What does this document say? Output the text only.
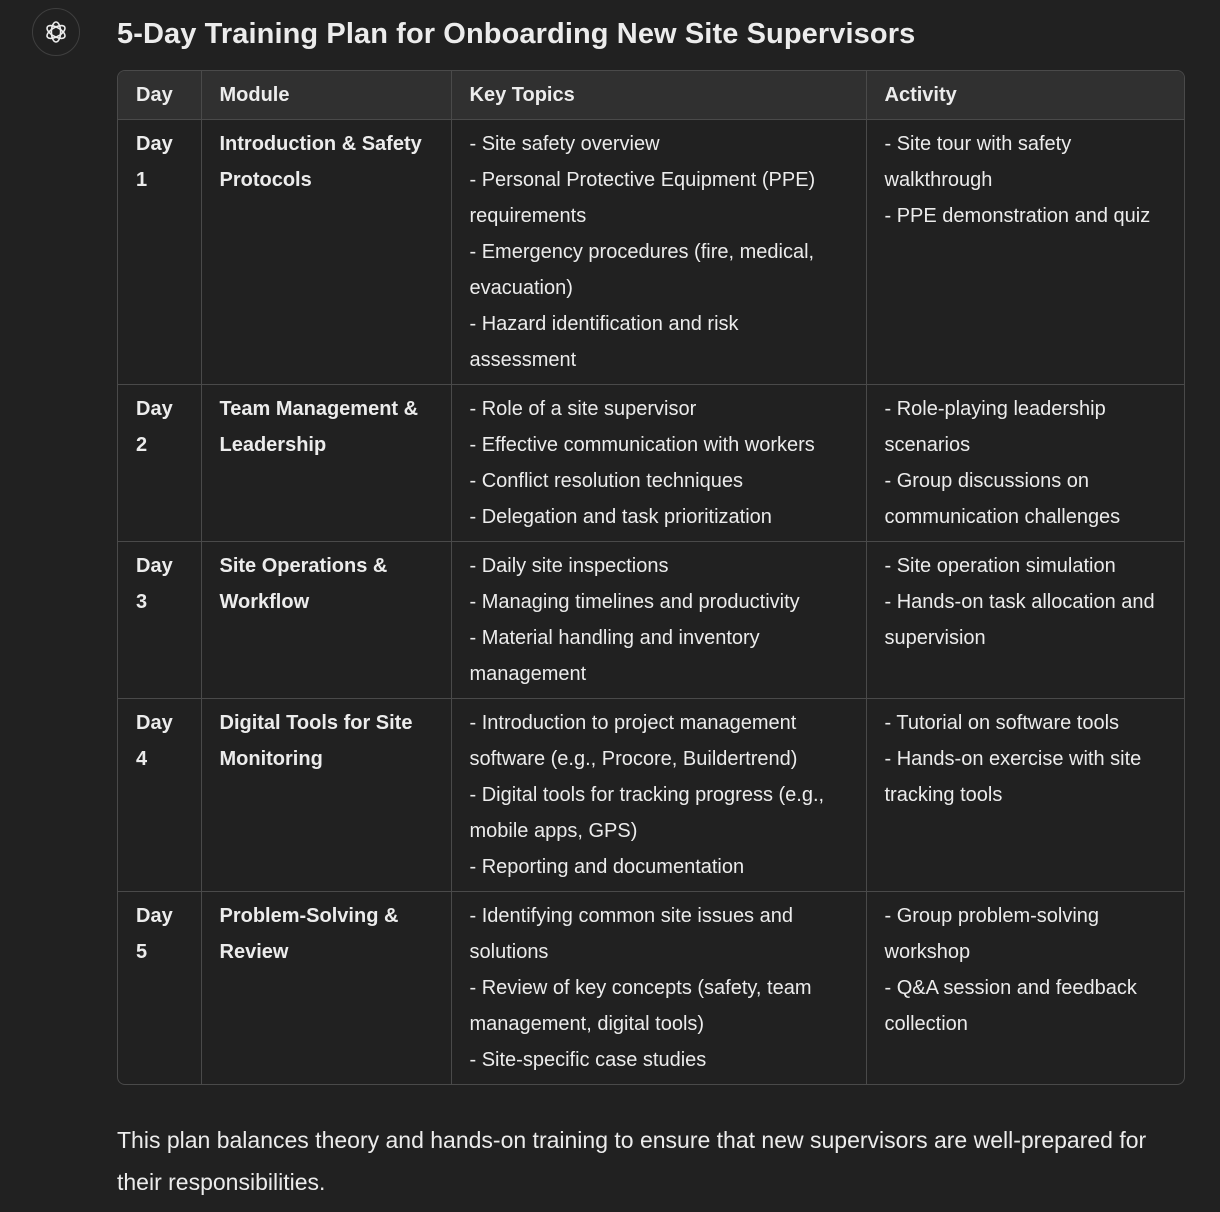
5-Day Training Plan for Onboarding New Site Supervisors
Day	Module	Key Topics	Activity
Day 1	Introduction & Safety Protocols	- Site safety overview
- Personal Protective Equipment (PPE) requirements
- Emergency procedures (fire, medical, evacuation)
- Hazard identification and risk assessment	- Site tour with safety walkthrough
- PPE demonstration and quiz

Day 2	Team Management & Leadership	- Role of a site supervisor
- Effective communication with workers
- Conflict resolution techniques
- Delegation and task prioritization	- Role-playing leadership scenarios
- Group discussions on communication challenges

Day 3	Site Operations & Workflow	- Daily site inspections
- Managing timelines and productivity
- Material handling and inventory management	- Site operation simulation
- Hands-on task allocation and supervision

Day 4	Digital Tools for Site Monitoring	- Introduction to project management software (e.g., Procore, Buildertrend)
- Digital tools for tracking progress (e.g., mobile apps, GPS)
- Reporting and documentation	- Tutorial on software tools
- Hands-on exercise with site tracking tools

Day 5	Problem-Solving & Review	- Identifying common site issues and solutions
- Review of key concepts (safety, team management, digital tools)
- Site-specific case studies	- Group problem-solving workshop
- Q&A session and feedback collection

This plan balances theory and hands-on training to ensure that new supervisors are well-prepared for their responsibilities.
